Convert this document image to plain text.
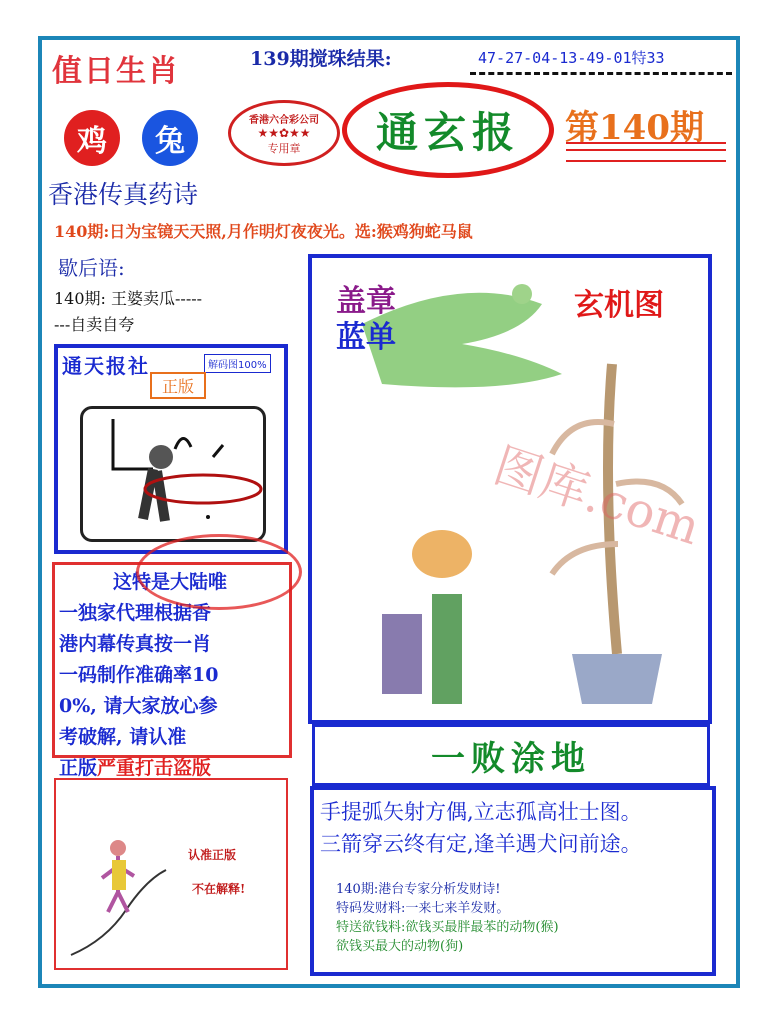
值日生肖	139期搅珠结果:	47-27-04-13-49-01特33
鸡 兔
香港六合彩公司
★★✿★★
专用章	通玄报 第140期
香港传真药诗
140期:日为宝镜天天照,月作明灯夜夜光。选:猴鸡狗蛇马鼠
歇后语:
140期: 王婆卖瓜-----
---自卖自夸
通天报社	解码图100%
正版
这特是大陆唯
一独家代理根据香
港内幕传真按一肖
一码制作准确率10
0%, 请大家放心参
考破解, 请认准
正版严重打击盗版
认准正版
不在解释!
盖章
蓝单
玄机图
图库.com
一败涂地
手提弧矢射方偶,立志孤高壮士图。
三箭穿云终有定,逢羊遇犬问前途。
140期:港台专家分析发财诗!
特码发财料:一来七来羊发财。
特送欲钱料:欲钱买最胖最苯的动物(猴)
欲钱买最大的动物(狗)
